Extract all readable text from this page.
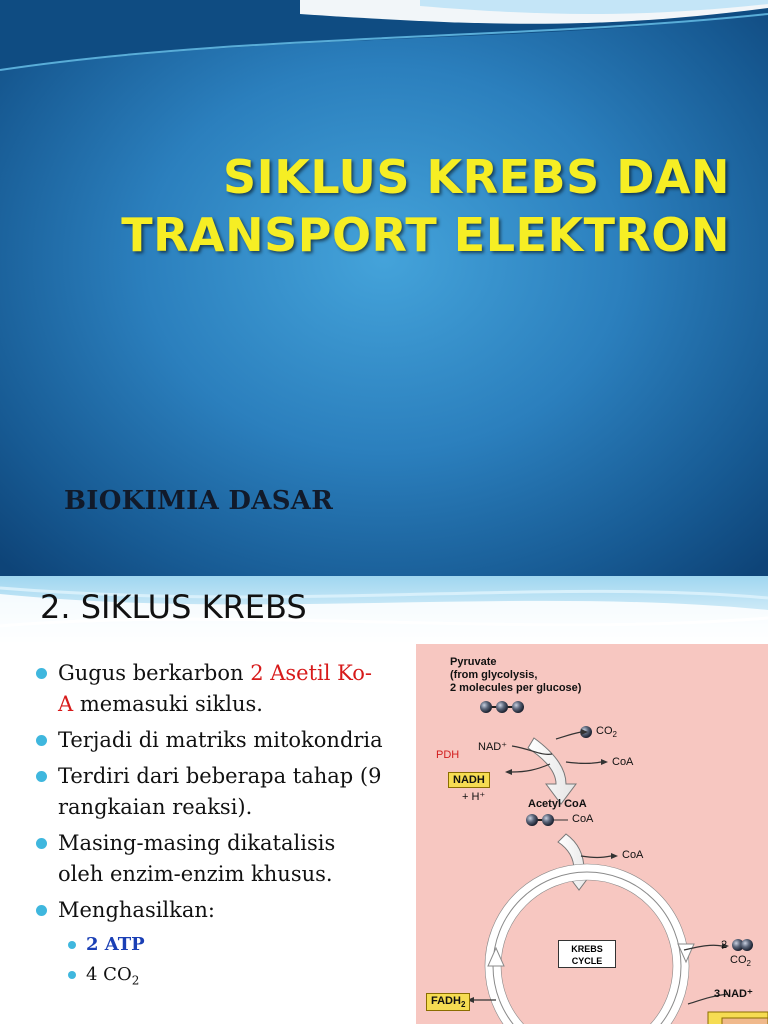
SIKLUS KREBS DAN
TRANSPORT ELEKTRON
BIOKIMIA DASAR
2. SIKLUS KREBS
Gugus berkarbon 2 Asetil Ko-A memasuki siklus.
Terjadi di matriks mitokondria
Terdiri dari beberapa tahap (9 rangkaian reaksi).
Masing-masing dikatalisis oleh enzim-enzim khusus.
Menghasilkan:
2 ATP
4 $CO_2$
Pyruvate
(from glycolysis,
2 molecules per glucose)
$CO_2$
PDH
NAD⁺
CoA
NADH
+ H⁺
Acetyl CoA
CoA
CoA
KREBS
CYCLE
2
$CO_2$
$FADH_2$
3 NAD⁺
